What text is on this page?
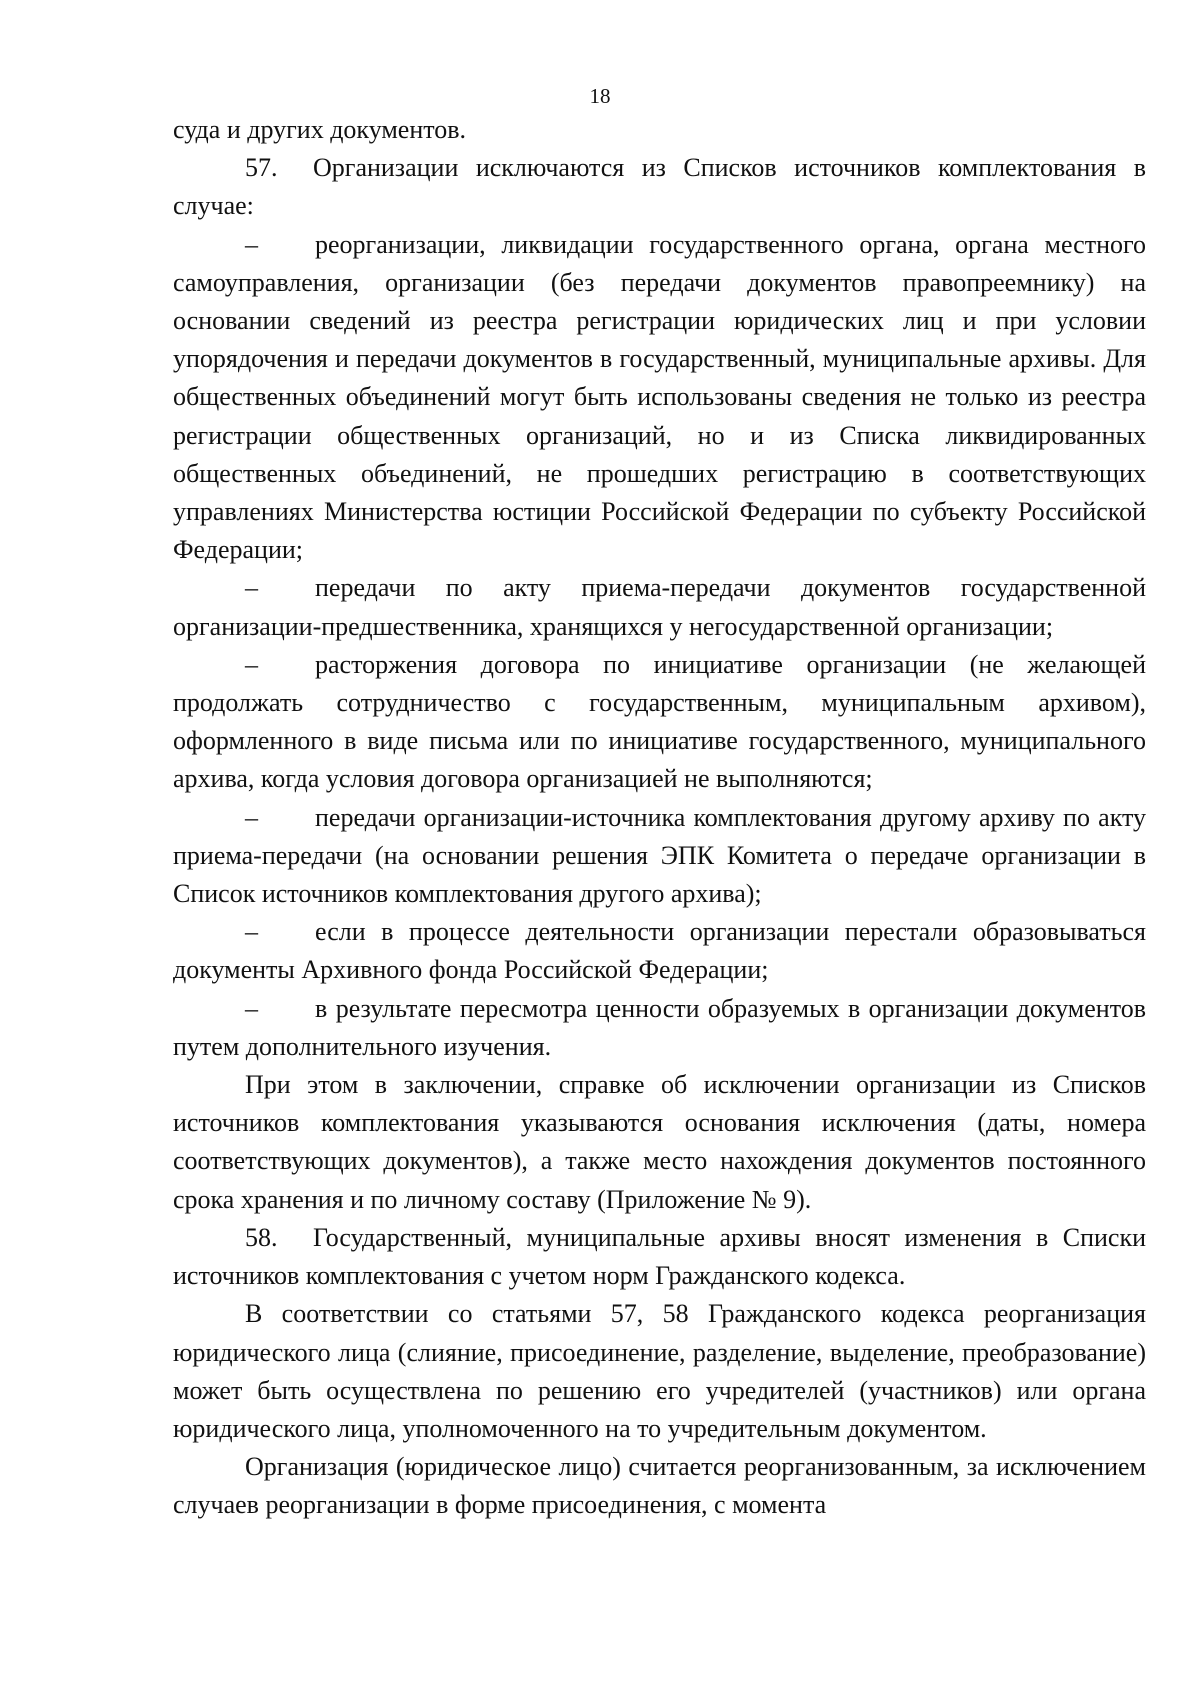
18

суда и других документов.

57. Организации исключаются из Списков источников комплектования в случае:

– реорганизации, ликвидации государственного органа, органа местного самоуправления, организации (без передачи документов правопреемнику) на основании сведений из реестра регистрации юридических лиц и при условии упорядочения и передачи документов в государственный, муниципальные архивы. Для общественных объединений могут быть использованы сведения не только из реестра регистрации общественных организаций, но и из Списка ликвидированных общественных объединений, не прошедших регистрацию в соответствующих управлениях Министерства юстиции Российской Федерации по субъекту Российской Федерации;

– передачи по акту приема-передачи документов государственной организации-предшественника, хранящихся у негосударственной организации;

– расторжения договора по инициативе организации (не желающей продолжать сотрудничество с государственным, муниципальным архивом), оформленного в виде письма или по инициативе государственного, муниципального архива, когда условия договора организацией не выполняются;

– передачи организации-источника комплектования другому архиву по акту приема-передачи (на основании решения ЭПК Комитета о передаче организации в Список источников комплектования другого архива);

– если в процессе деятельности организации перестали образовываться документы Архивного фонда Российской Федерации;

– в результате пересмотра ценности образуемых в организации документов путем дополнительного изучения.

При этом в заключении, справке об исключении организации из Списков источников комплектования указываются основания исключения (даты, номера соответствующих документов), а также место нахождения документов постоянного срока хранения и по личному составу (Приложение № 9).

58. Государственный, муниципальные архивы вносят изменения в Списки источников комплектования с учетом норм Гражданского кодекса.

В соответствии со статьями 57, 58 Гражданского кодекса реорганизация юридического лица (слияние, присоединение, разделение, выделение, преобразование) может быть осуществлена по решению его учредителей (участников) или органа юридического лица, уполномоченного на то учредительным документом.

Организация (юридическое лицо) считается реорганизованным, за исключением случаев реорганизации в форме присоединения, с момента
